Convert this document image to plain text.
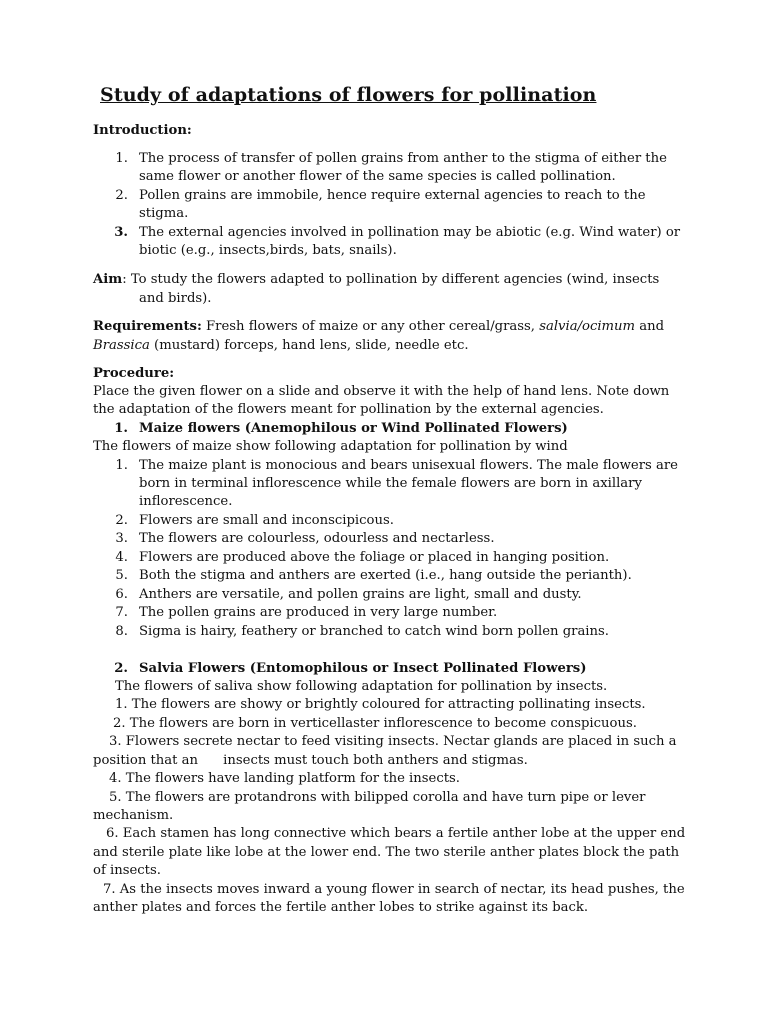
Study of adaptations of flowers for pollination
Introduction:
1. The process of transfer of pollen grains from anther to the stigma of either the
same flower or another flower of the same species is called pollination.
2. Pollen grains are immobile, hence require external agencies to reach to the
stigma.
3. The external agencies involved in pollination may be abiotic (e.g. Wind water) or
biotic (e.g., insects,birds, bats, snails).
Aim: To study the flowers adapted to pollination by different agencies (wind, insects
and birds).
Requirements: Fresh flowers of maize or any other cereal/grass, salvia/ocimum and
Brassica (mustard) forceps, hand lens, slide, needle etc.
Procedure:
Place the given flower on a slide and observe it with the help of hand lens. Note down
the adaptation of the flowers meant for pollination by the external agencies.
1. Maize flowers (Anemophilous or Wind Pollinated Flowers)
The flowers of maize show following adaptation for pollination by wind
1. The maize plant is monocious and bears unisexual flowers. The male flowers are
born in terminal inflorescence while the female flowers are born in axillary
inflorescence.
2. Flowers are small and inconscipicous.
3. The flowers are colourless, odourless and nectarless.
4. Flowers are produced above the foliage or placed in hanging position.
5. Both the stigma and anthers are exerted (i.e., hang outside the perianth).
6. Anthers are versatile, and pollen grains are light, small and dusty.
7. The pollen grains are produced in very large number.
8. Sigma is hairy, feathery or branched to catch wind born pollen grains.
2. Salvia Flowers (Entomophilous or Insect Pollinated Flowers)
The flowers of saliva show following adaptation for pollination by insects.
1. The flowers are showy or brightly coloured for attracting pollinating insects.
2. The flowers are born in verticellaster inflorescence to become conspicuous.
3. Flowers secrete nectar to feed visiting insects. Nectar glands are placed in such a
position that an      insects must touch both anthers and stigmas.
4. The flowers have landing platform for the insects.
5. The flowers are protandrons with bilipped corolla and have turn pipe or lever
mechanism.
6. Each stamen has long connective which bears a fertile anther lobe at the upper end
and sterile plate like lobe at the lower end. The two sterile anther plates block the path
of insects.
7. As the insects moves inward a young flower in search of nectar, its head pushes, the
anther plates and forces the fertile anther lobes to strike against its back.
